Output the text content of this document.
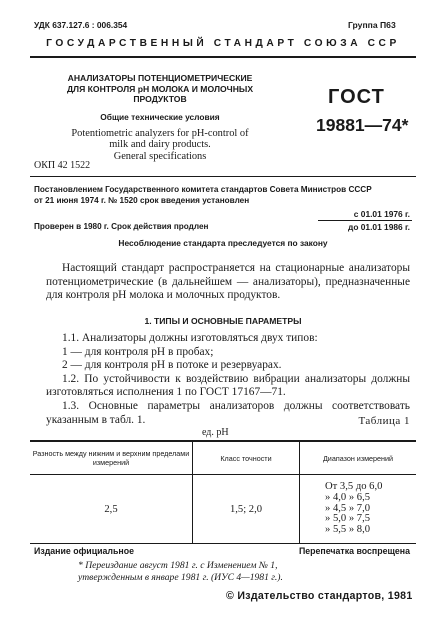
УДК 637.127.6 : 006.354	Группа П63
ГОСУДАРСТВЕННЫЙ СТАНДАРТ СОЮЗА ССР
АНАЛИЗАТОРЫ ПОТЕНЦИОМЕТРИЧЕСКИЕ
ДЛЯ КОНТРОЛЯ pH МОЛОКА И МОЛОЧНЫХ
ПРОДУКТОВ
Общие технические условия
Potentiometric analyzers for pH-control of
milk and dairy products.
General specifications
ГОСТ
19881—74*
ОКП 42 1522
Постановлением Государственного комитета стандартов Совета Министров СССР
от 21 июня 1974 г. № 1520 срок введения установлен
с 01.01 1976 г.
Проверен в 1980 г. Срок действия продлен	до 01.01 1986 г.
Несоблюдение стандарта преследуется по закону

Настоящий стандарт распространяется на стационарные анализаторы потенциометрические (в дальнейшем — анализаторы), предназначенные для контроля pH молока и молочных продуктов.

1. ТИПЫ И ОСНОВНЫЕ ПАРАМЕТРЫ

1.1. Анализаторы должны изготовляться двух типов:

1 — для контроля pH в пробах;

2 — для контроля pH в потоке и резервуарах.

1.2. По устойчивости к воздействию вибрации анализаторы должны изготовляться исполнения 1 по ГОСТ 17167—71.

1.3. Основные параметры анализаторов должны соответствовать указанным в табл. 1.	Таблица 1
ед. pH
Разность между нижним и верхним пределами измерений	Класс точности	Диапазон измерений
2,5	1,5; 2,0	От 3,5 до 6,0
» 4,0 » 6,5
» 4,5 » 7,0
» 5,0 » 7,5
» 5,5 » 8,0
Издание официальное	Перепечатка воспрещена
* Переиздание август 1981 г. с Изменением № 1,
утвержденным в январе 1981 г. (ИУС 4—1981 г.).
© Издательство стандартов, 1981
